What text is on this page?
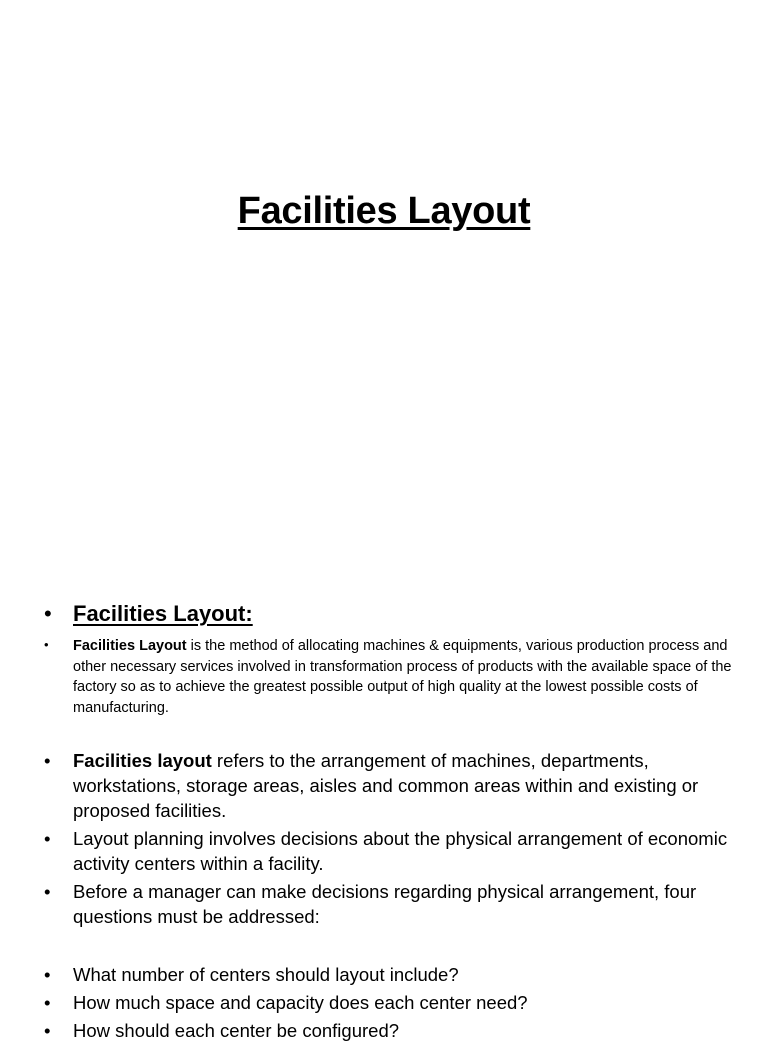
Facilities Layout
• Facilities Layout:
• Facilities Layout is the method of allocating machines & equipments, various production process and other necessary services involved in transformation process of products with the available space of the factory so as to achieve the greatest possible output of high quality at the lowest possible costs of manufacturing.
• Facilities layout refers to the arrangement of machines, departments, workstations, storage areas, aisles and common areas within and existing or proposed facilities.
• Layout planning involves decisions about the physical arrangement of economic activity centers within a facility.
• Before a manager can make decisions regarding physical arrangement, four questions must be addressed:
• What number of centers should layout include?
• How much space and capacity does each center need?
• How should each center be configured?
